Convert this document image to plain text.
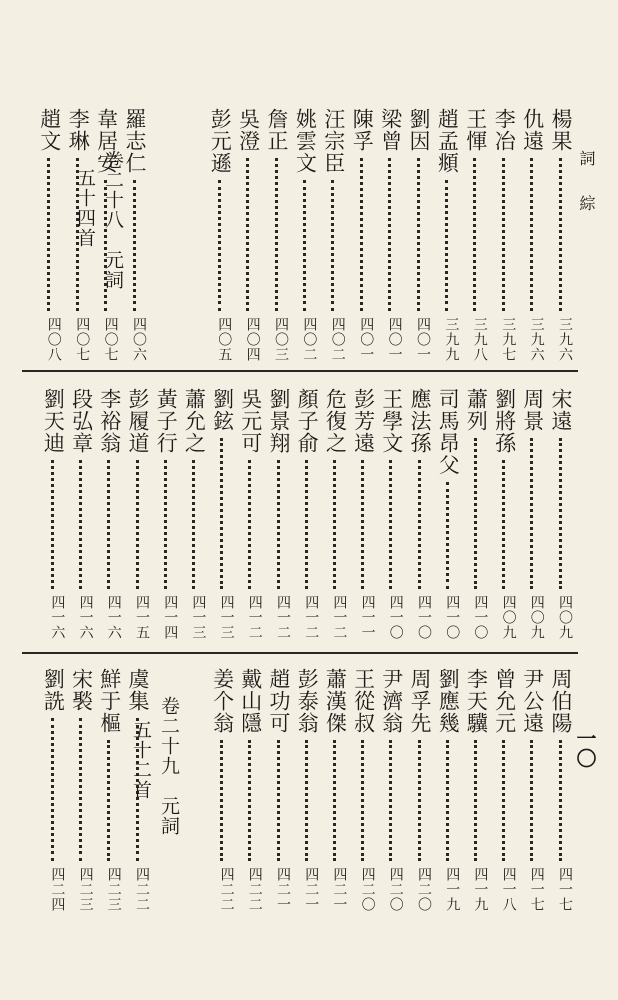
詞 綜
一〇
楊果
三九六
仇遠
三九六
李冶
三九七
王惲
三九八
趙孟頫
三九九
劉因
四〇一
梁曾
四〇一
陳孚
四〇一
汪宗臣
四〇二
姚雲文
四〇二
詹正
四〇三
吳澄
四〇四
彭元遜
四〇五
羅志仁
四〇六
韋居安
四〇七
李琳
四〇七
趙文
四〇八
卷二十八　元詞
五十四首
宋遠
四〇九
周景
四〇九
劉將孫
四〇九
蕭列
四一〇
司馬昂父
四一〇
應法孫
四一〇
王學文
四一〇
彭芳遠
四一一
危復之
四一二
顏子俞
四一二
劉景翔
四一二
吳元可
四一二
劉鉉
四一三
蕭允之
四一三
黃子行
四一四
彭履道
四一五
李裕翁
四一六
段弘章
四一六
劉天迪
四一六
周伯陽
四一七
尹公遠
四一七
曾允元
四一八
李天驥
四一九
劉應幾
四一九
周孚先
四二〇
尹濟翁
四二〇
王從叔
四二〇
蕭漢傑
四二一
彭泰翁
四二一
趙功可
四二一
戴山隱
四二二
姜个翁
四二二
虞集
四二二
鮮于樞
四二三
宋褧
四二三
劉詵
四二四
卷二十九　元詞
五十二首
